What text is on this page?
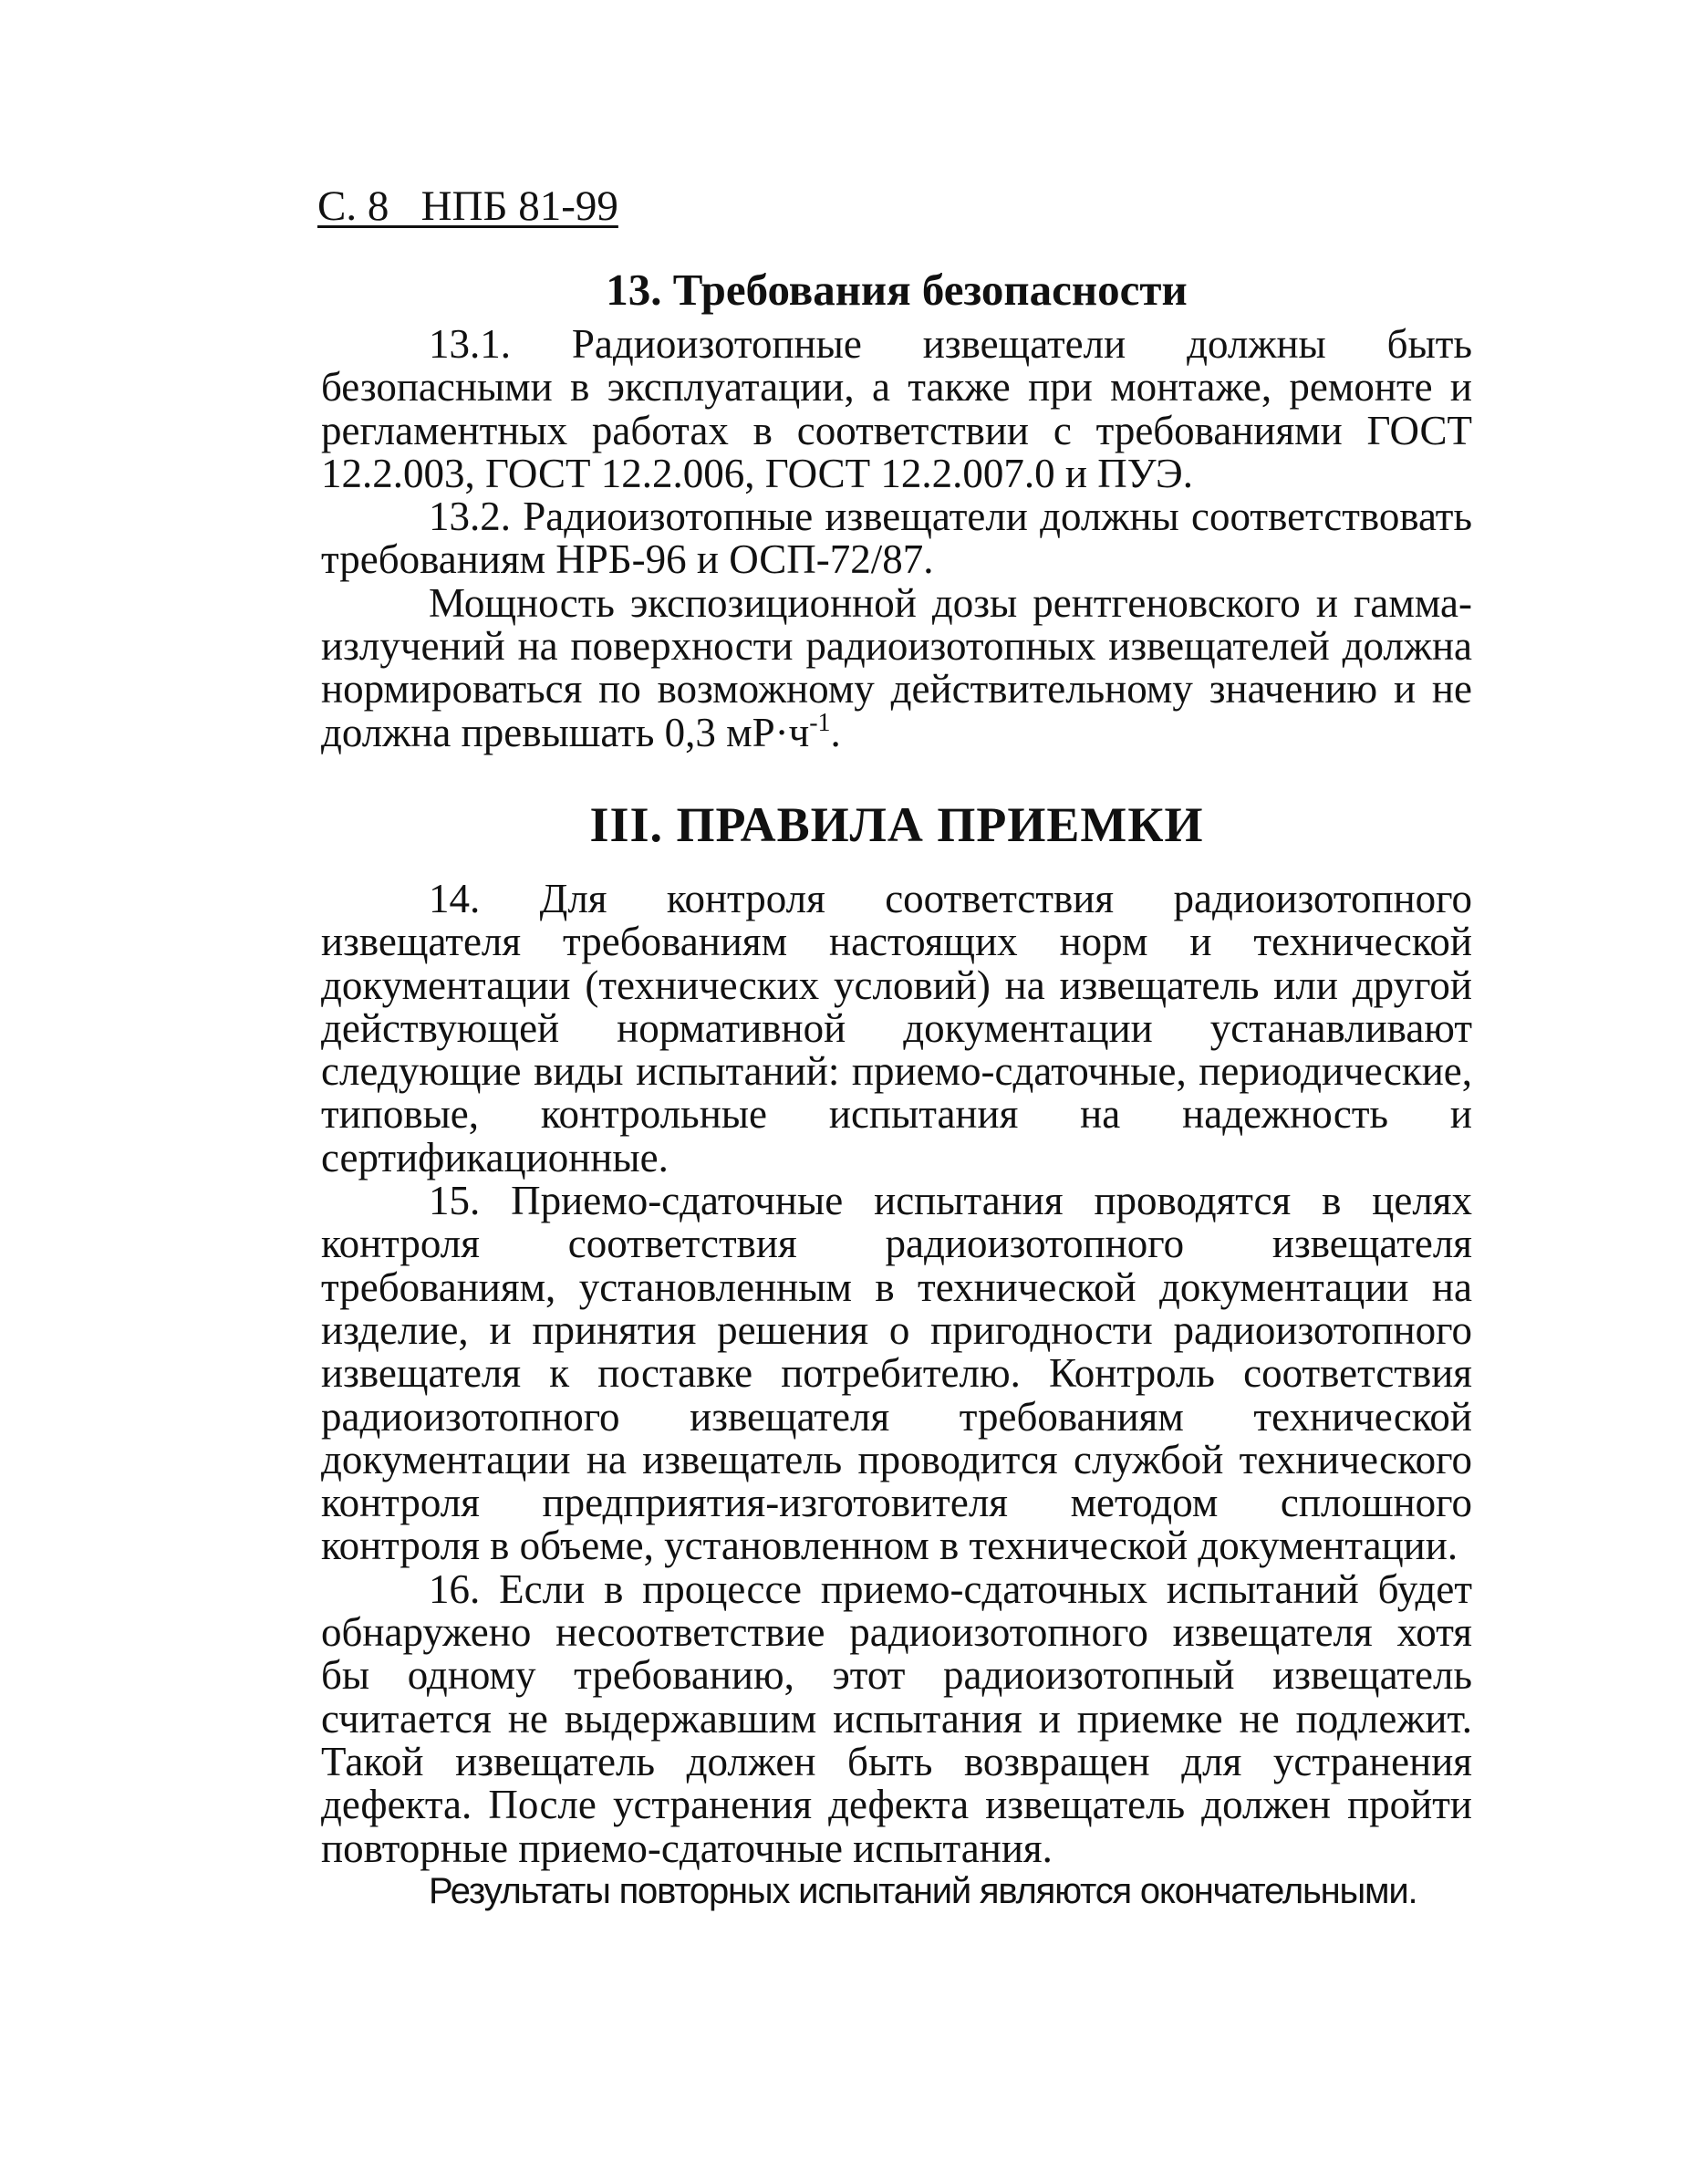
С. 8   НПБ 81-99
13. Требования безопасности

13.1. Радиоизотопные извещатели должны быть безопасными в эксплуатации, а также при монтаже, ремонте и регламентных работах в соответствии с требованиями ГОСТ 12.2.003, ГОСТ 12.2.006, ГОСТ 12.2.007.0 и ПУЭ.

13.2. Радиоизотопные извещатели должны соответствовать требованиям НРБ-96 и ОСП-72/87.

Мощность экспозиционной дозы рентгеновского и гамма-излучений на поверхности радиоизотопных извещателей должна нормироваться по возможному действительному значению и не должна превышать 0,3 $мР\cdot ч^{-1}$.

III. ПРАВИЛА ПРИЕМКИ

14. Для контроля соответствия радиоизотопного извещателя требованиям настоящих норм и технической документации (технических условий) на извещатель или другой действующей нормативной документации устанавливают следующие виды испытаний: приемо-сдаточные, периодические, типовые, контрольные испытания на надежность и сертификационные.

15. Приемо-сдаточные испытания проводятся в целях контроля соответствия радиоизотопного извещателя требованиям, установленным в технической документации на изделие, и принятия решения о пригодности радиоизотопного извещателя к поставке потребителю. Контроль соответствия радиоизотопного извещателя требованиям технической документации на извещатель проводится службой технического контроля предприятия-изготовителя методом сплошного контроля в объеме, установленном в технической документации.

16. Если в процессе приемо-сдаточных испытаний будет обнаружено несоответствие радиоизотопного извещателя хотя бы одному требованию, этот радиоизотопный извещатель считается не выдержавшим испытания и приемке не подлежит. Такой извещатель должен быть возвращен для устранения дефекта. После устранения дефекта извещатель должен пройти повторные приемо-сдаточные испытания.

Результаты повторных испытаний являются окончательными.
